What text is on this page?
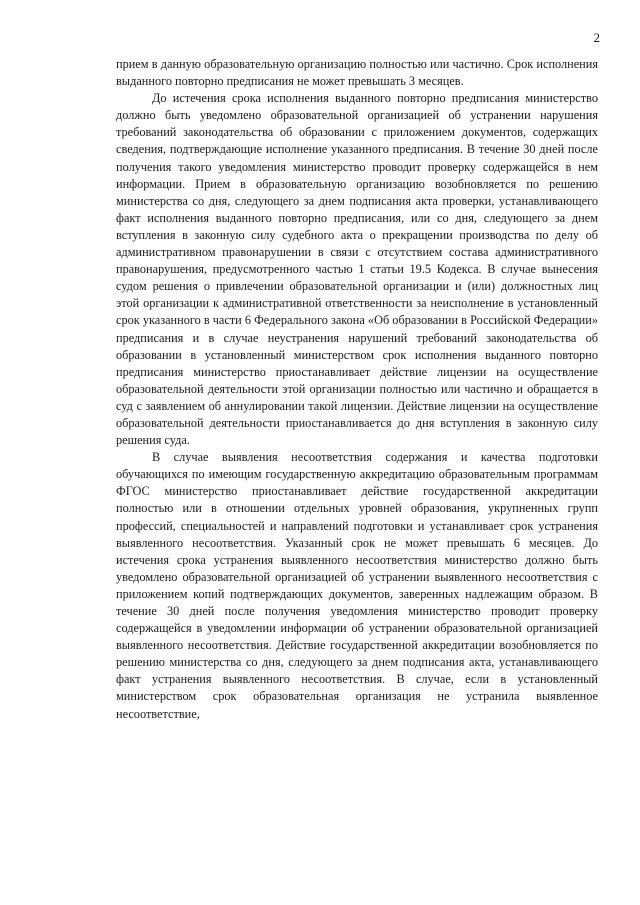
2

прием в данную образовательную организацию полностью или частично. Срок исполнения выданного повторно предписания не может превышать 3 месяцев.

До истечения срока исполнения выданного повторно предписания министерство должно быть уведомлено образовательной организацией об устранении нарушения требований законодательства об образовании с приложением документов, содержащих сведения, подтверждающие исполнение указанного предписания. В течение 30 дней после получения такого уведомления министерство проводит проверку содержащейся в нем информации. Прием в образовательную организацию возобновляется по решению министерства со дня, следующего за днем подписания акта проверки, устанавливающего факт исполнения выданного повторно предписания, или со дня, следующего за днем вступления в законную силу судебного акта о прекращении производства по делу об административном правонарушении в связи с отсутствием состава административного правонарушения, предусмотренного частью 1 статьи 19.5 Кодекса. В случае вынесения судом решения о привлечении образовательной организации и (или) должностных лиц этой организации к административной ответственности за неисполнение в установленный срок указанного в части 6 Федерального закона «Об образовании в Российской Федерации» предписания и в случае неустранения нарушений требований законодательства об образовании в установленный министерством срок исполнения выданного повторно предписания министерство приостанавливает действие лицензии на осуществление образовательной деятельности этой организации полностью или частично и обращается в суд с заявлением об аннулировании такой лицензии. Действие лицензии на осуществление образовательной деятельности приостанавливается до дня вступления в законную силу решения суда.

В случае выявления несоответствия содержания и качества подготовки обучающихся по имеющим государственную аккредитацию образовательным программам ФГОС министерство приостанавливает действие государственной аккредитации полностью или в отношении отдельных уровней образования, укрупненных групп профессий, специальностей и направлений подготовки и устанавливает срок устранения выявленного несоответствия. Указанный срок не может превышать 6 месяцев. До истечения срока устранения выявленного несоответствия министерство должно быть уведомлено образовательной организацией об устранении выявленного несоответствия с приложением копий подтверждающих документов, заверенных надлежащим образом. В течение 30 дней после получения уведомления министерство проводит проверку содержащейся в уведомлении информации об устранении образовательной организацией выявленного несоответствия. Действие государственной аккредитации возобновляется по решению министерства со дня, следующего за днем подписания акта, устанавливающего факт устранения выявленного несоответствия. В случае, если в установленный министерством срок образовательная организация не устранила выявленное несоответствие,
